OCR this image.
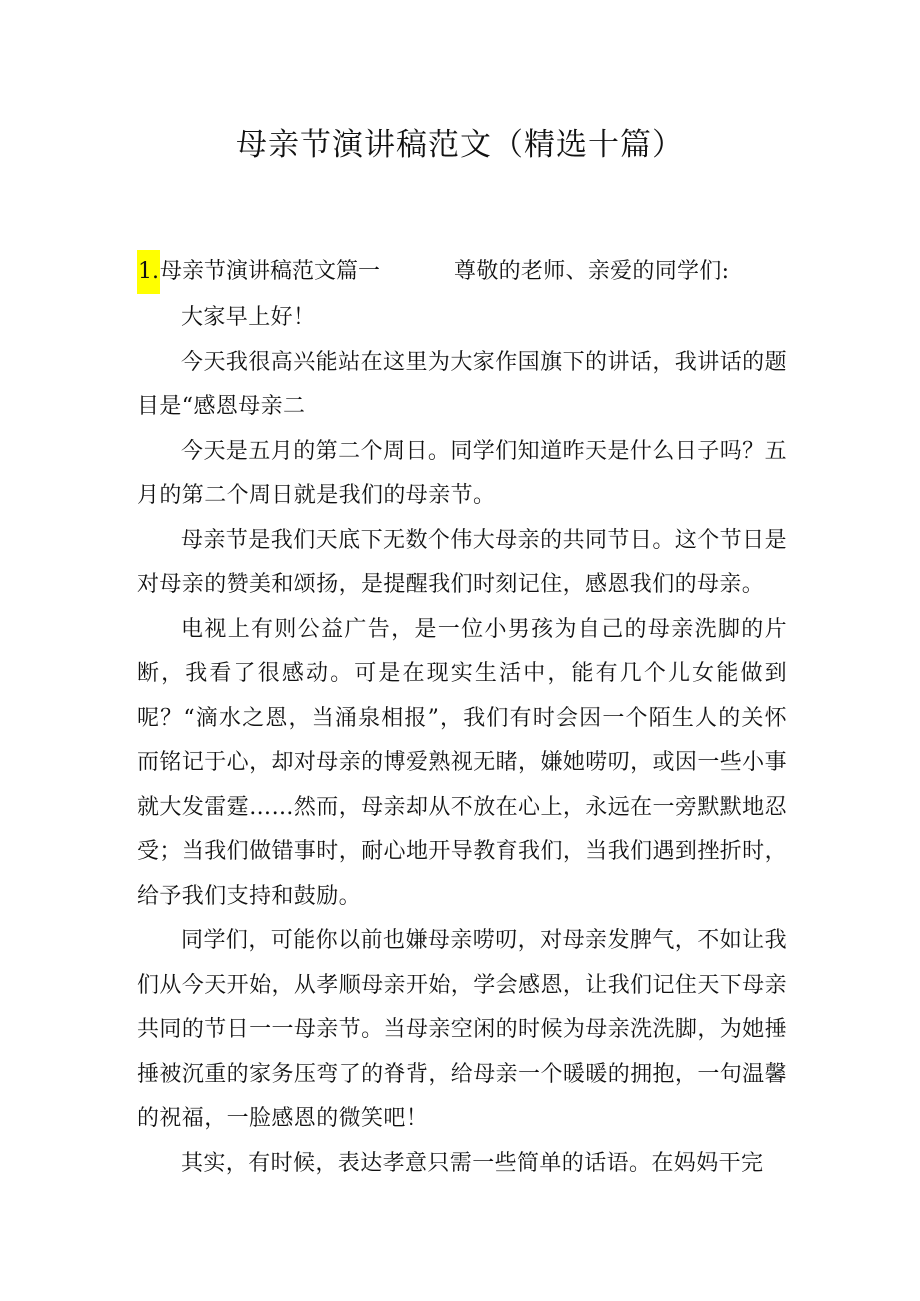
母亲节演讲稿范文（精选十篇）
1.母亲节演讲稿范文篇一	尊敬的老师、亲爱的同学们:

大家早上好！

今天我很高兴能站在这里为大家作国旗下的讲话，我讲话的题目是“感恩母亲二

今天是五月的第二个周日。同学们知道昨天是什么日子吗？五月的第二个周日就是我们的母亲节。

母亲节是我们天底下无数个伟大母亲的共同节日。这个节日是对母亲的赞美和颂扬，是提醒我们时刻记住，感恩我们的母亲。

电视上有则公益广告，是一位小男孩为自己的母亲洗脚的片断，我看了很感动。可是在现实生活中，能有几个儿女能做到呢？“滴水之恩，当涌泉相报”，我们有时会因一个陌生人的关怀而铭记于心，却对母亲的博爱熟视无睹，嫌她唠叨，或因一些小事就大发雷霆……然而，母亲却从不放在心上，永远在一旁默默地忍受；当我们做错事时，耐心地开导教育我们，当我们遇到挫折时，给予我们支持和鼓励。

同学们，可能你以前也嫌母亲唠叨，对母亲发脾气，不如让我们从今天开始，从孝顺母亲开始，学会感恩，让我们记住天下母亲共同的节日一一母亲节。当母亲空闲的时候为母亲洗洗脚，为她捶捶被沉重的家务压弯了的脊背，给母亲一个暖暖的拥抱，一句温馨的祝福，一脸感恩的微笑吧！

其实，有时候，表达孝意只需一些简单的话语。在妈妈干完
